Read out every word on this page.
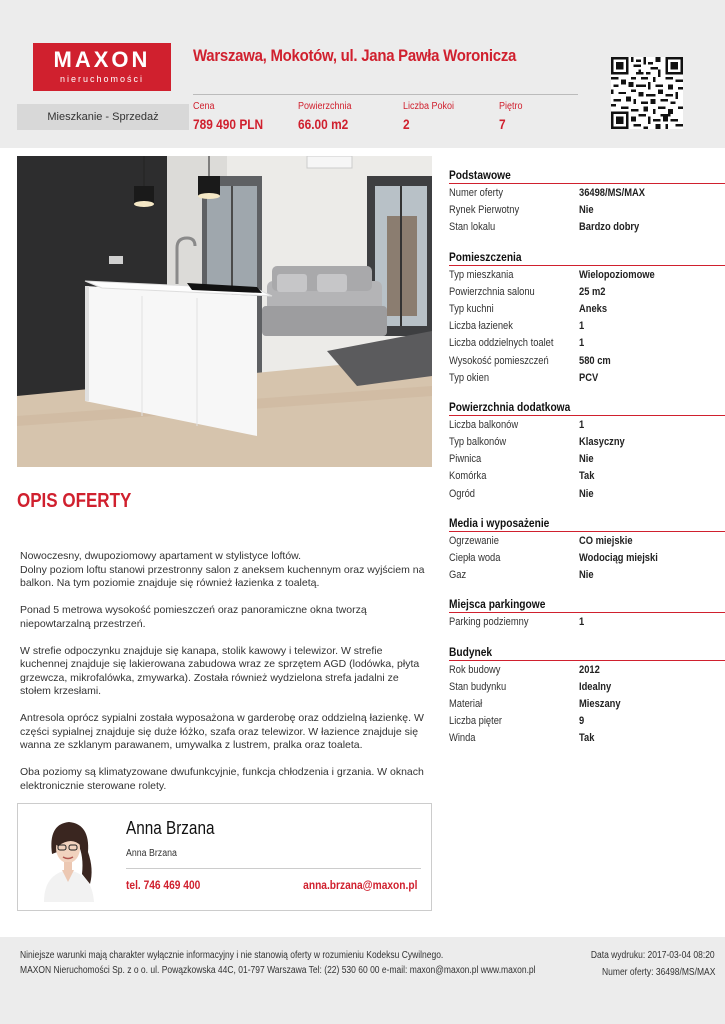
MAXON
nieruchomości
Mieszkanie - Sprzedaż
Warszawa, Mokotów, ul. Jana Pawła Woronicza
Cena
789 490 PLN
Powierzchnia
66.00 m2
Liczba Pokoi
2
Piętro
7
OPIS OFERTY

Nowoczesny, dwupoziomowy apartament w stylistyce loftów.
Dolny poziom loftu stanowi przestronny salon z aneksem kuchennym oraz wyjściem na balkon. Na tym poziomie znajduje się również łazienka z toaletą.

Ponad 5 metrowa wysokość pomieszczeń oraz panoramiczne okna tworzą niepowtarzalną przestrzeń.

W strefie odpoczynku znajduje się kanapa, stolik kawowy i telewizor. W strefie kuchennej znajduje się lakierowana zabudowa wraz ze sprzętem AGD (lodówka, płyta grzewcza, mikrofalówka, zmywarka). Została również wydzielona strefa jadalni ze stołem krzesłami.

Antresola oprócz sypialni została wyposażona w garderobę oraz oddzielną łazienkę. W części sypialnej znajduje się duże łóżko, szafa oraz telewizor. W łazience znajduje się wanna ze szklanym parawanem, umywalka z lustrem, pralka oraz toaleta.

Oba poziomy są klimatyzowane dwufunkcyjnie, funkcja chłodzenia i grzania. W oknach elektronicznie sterowane rolety.

Podstawowe
Numer oferty	36498/MS/MAX
Rynek Pierwotny	Nie
Stan lokalu	Bardzo dobry
Pomieszczenia
Typ mieszkania	Wielopoziomowe
Powierzchnia salonu	25 m2
Typ kuchni	Aneks
Liczba łazienek	1
Liczba oddzielnych toalet 1
Wysokość pomieszczeń	580 cm
Typ okien	PCV
Powierzchnia dodatkowa
Liczba balkonów	1
Typ balkonów	Klasyczny
Piwnica	Nie
Komórka	Tak
Ogród	Nie
Media i wyposażenie
Ogrzewanie	CO miejskie
Ciepła woda	Wodociąg miejski
Gaz	Nie
Miejsca parkingowe
Parking podziemny	1
Budynek
Rok budowy	2012
Stan budynku	Idealny
Materiał	Mieszany
Liczba pięter	9
Winda	Tak
Anna Brzana
Anna Brzana
tel. 746 469 400	anna.brzana@maxon.pl
Niniejsze warunki mają charakter wyłącznie informacyjny i nie stanowią oferty w rozumieniu Kodeksu Cywilnego.
MAXON Nieruchomości Sp. z o o. ul. Powązkowska 44C, 01-797 Warszawa Tel: (22) 530 60 00 e-mail: maxon@maxon.pl www.maxon.pl
Data wydruku: 2017-03-04 08:20
Numer oferty: 36498/MS/MAX
